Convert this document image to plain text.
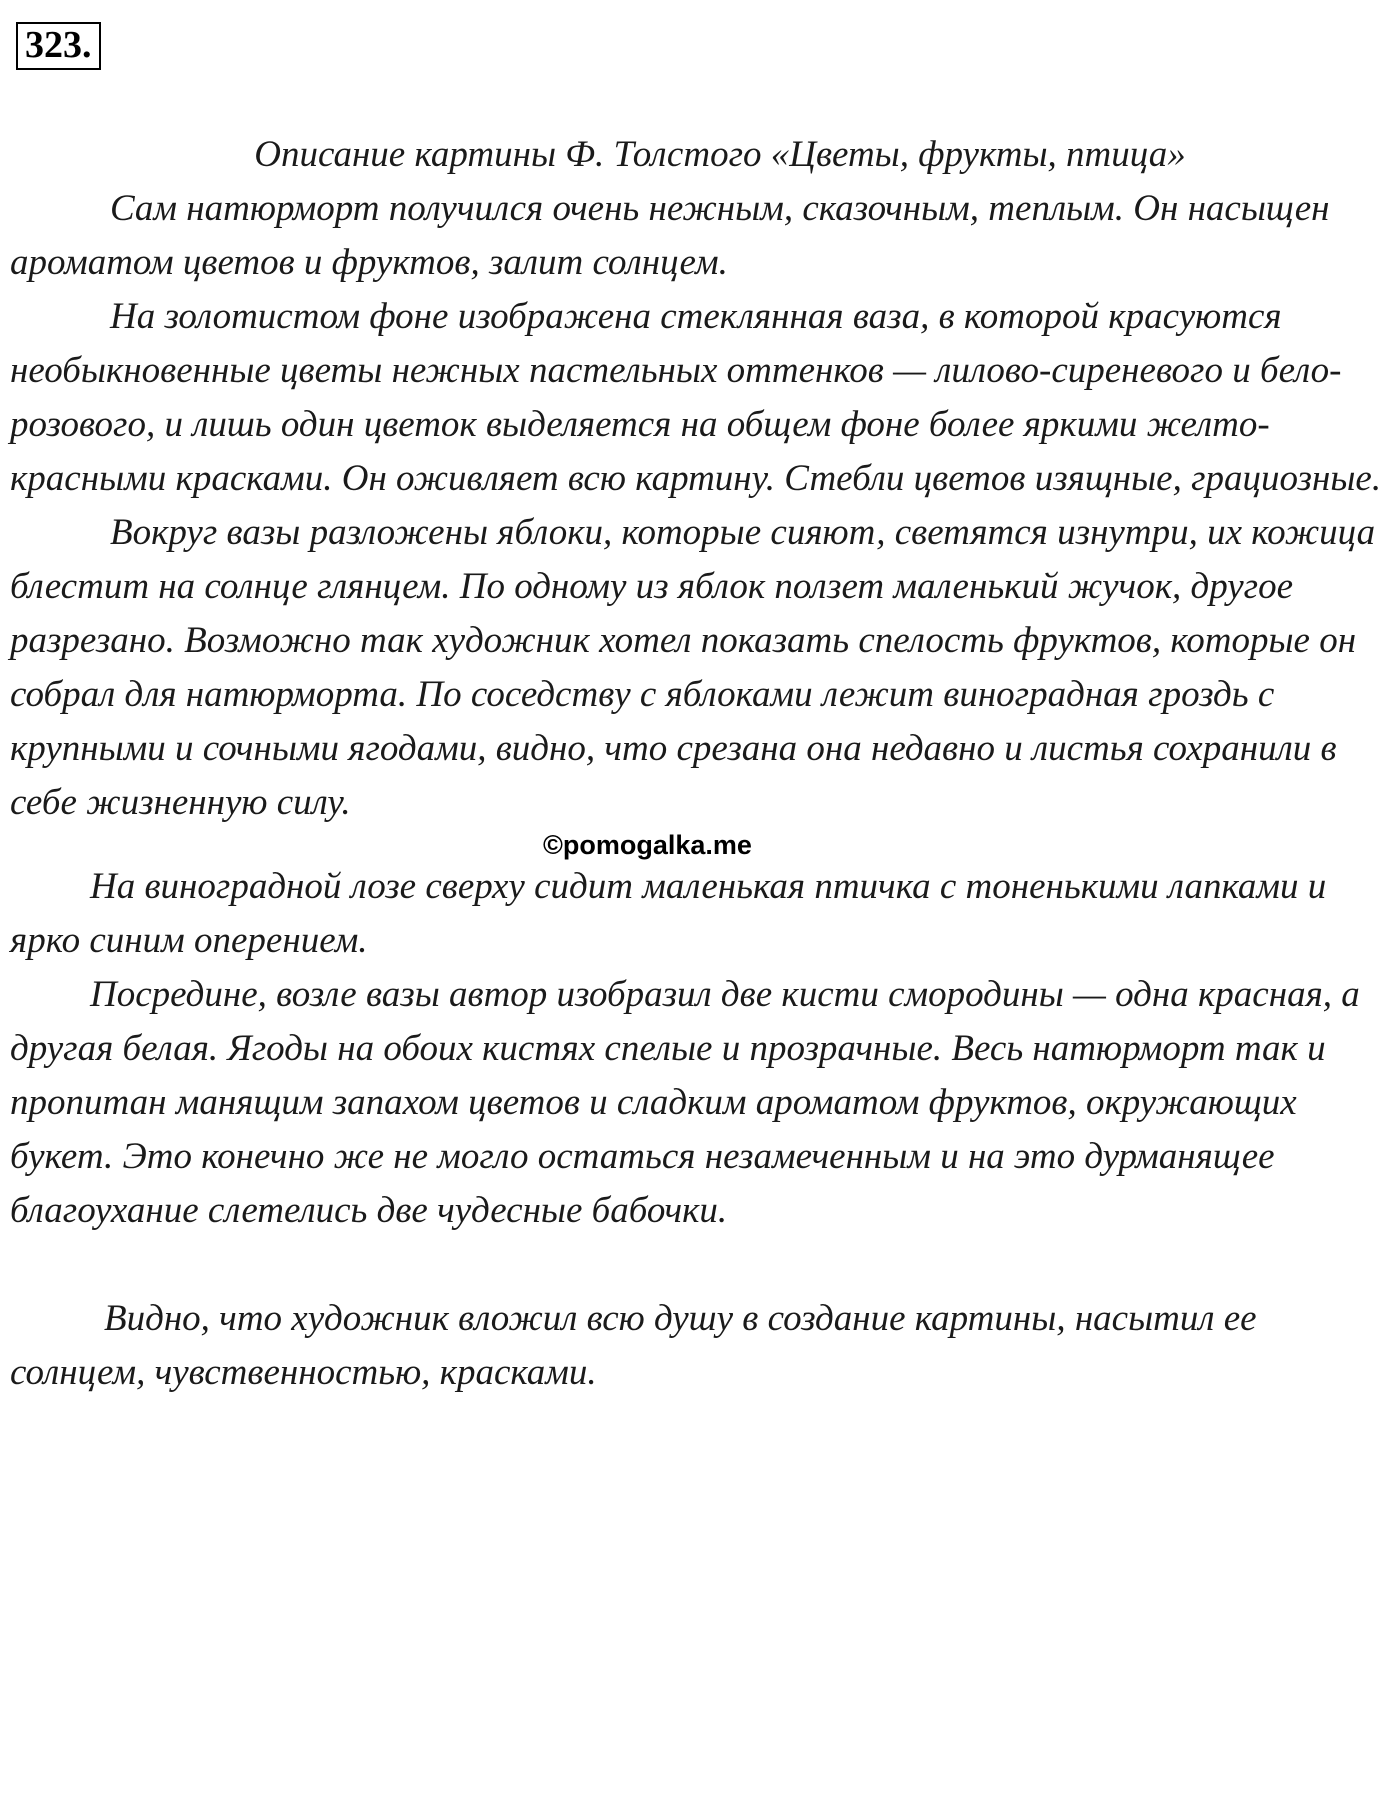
323.

Описание картины Ф. Толстого «Цветы, фрукты, птица»

Сам натюрморт получился очень нежным, сказочным, теплым. Он насыщен ароматом цветов и фруктов, залит солнцем.

На золотистом фоне изображена стеклянная ваза, в которой красуются необыкновенные цветы нежных пастельных оттенков — лилово-сиреневого и бело-розового, и лишь один цветок выделяется на общем фоне более яркими желто-красными красками. Он оживляет всю картину. Стебли цветов изящные, грациозные.

Вокруг вазы разложены яблоки, которые сияют, светятся изнутри, их кожица блестит на солнце глянцем. По одному из яблок ползет маленький жучок, другое разрезано. Возможно так художник хотел показать спелость фруктов, которые он собрал для натюрморта. По соседству с яблоками лежит виноградная гроздь с крупными и сочными ягодами, видно, что срезана она недавно и листья сохранили в себе жизненную силу.

©pomogalka.me

На виноградной лозе сверху сидит маленькая птичка с тоненькими лапками и ярко синим оперением.

Посредине, возле вазы автор изобразил две кисти смородины — одна красная, а другая белая. Ягоды на обоих кистях спелые и прозрачные. Весь натюрморт так и пропитан манящим запахом цветов и сладким ароматом фруктов, окружающих букет. Это конечно же не могло остаться незамеченным и на это дурманящее благоухание слетелись две чудесные бабочки.

Видно, что художник вложил всю душу в создание картины, насытил ее солнцем, чувственностью, красками.
